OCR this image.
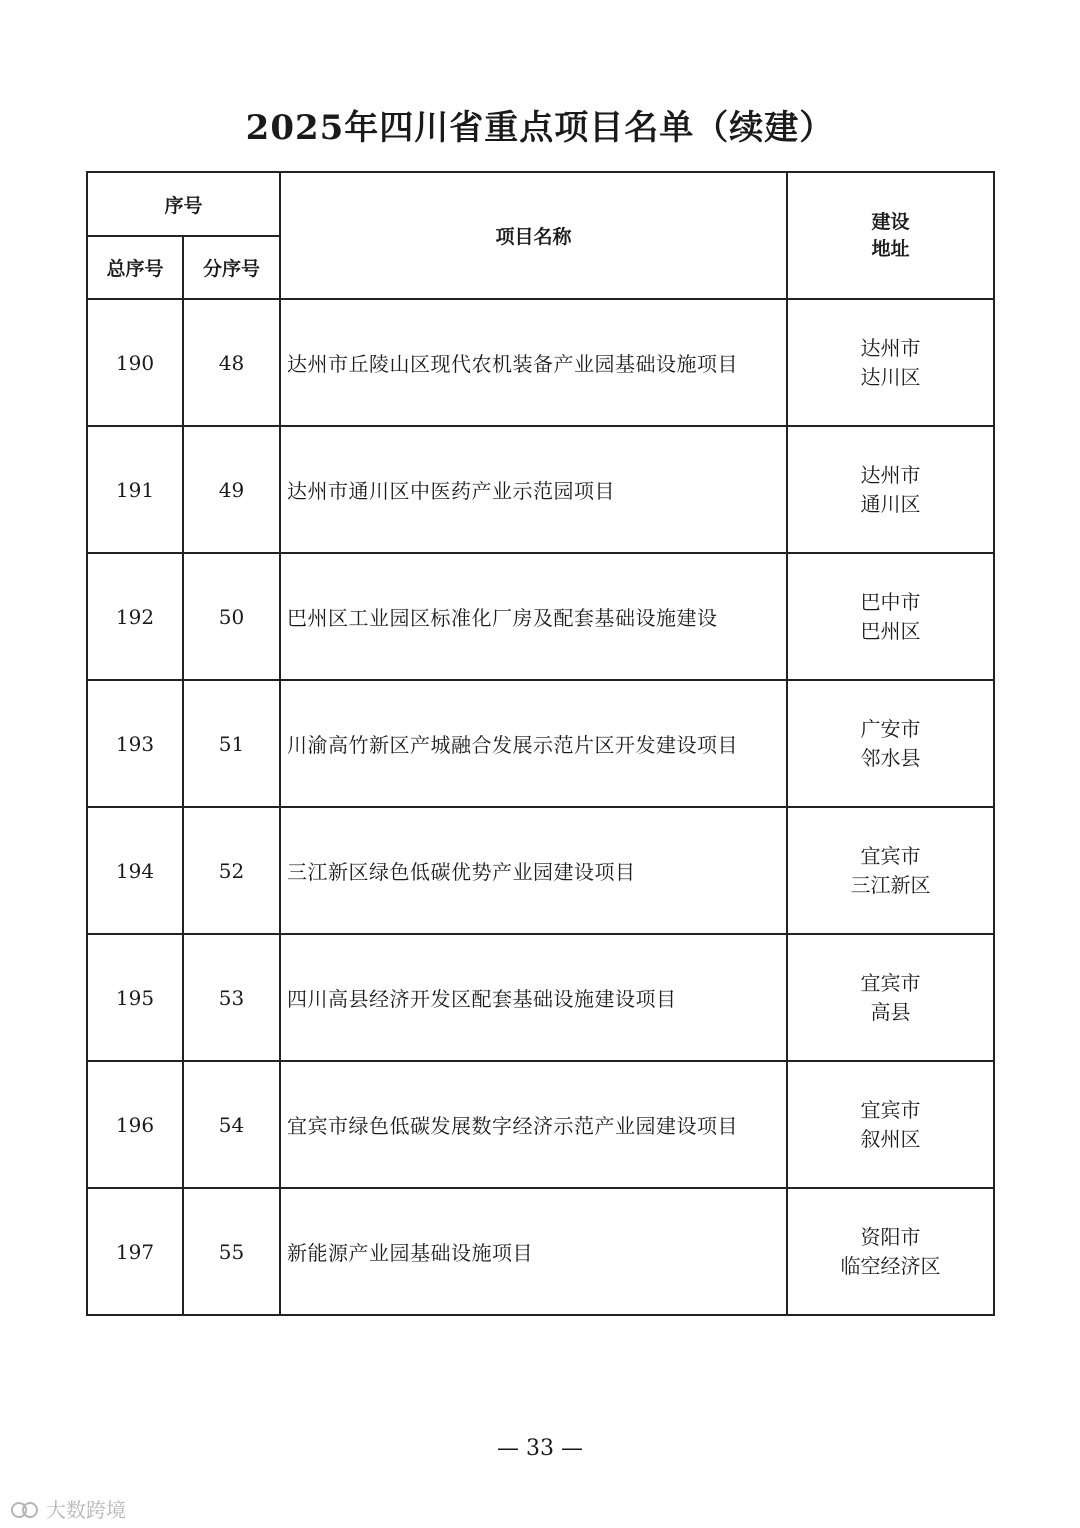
2025年四川省重点项目名单（续建）
序号		项目名称	建设
地址

总序号	分序号		
190	48	达州市丘陵山区现代农机装备产业园基础设施项目	达州市
达川区

191	49	达州市通川区中医药产业示范园项目	达州市
通川区

192	50	巴州区工业园区标准化厂房及配套基础设施建设	巴中市
巴州区

193	51	川渝高竹新区产城融合发展示范片区开发建设项目	广安市
邻水县

194	52	三江新区绿色低碳优势产业园建设项目	宜宾市
三江新区

195	53	四川高县经济开发区配套基础设施建设项目	宜宾市
高县

196	54	宜宾市绿色低碳发展数字经济示范产业园建设项目	宜宾市
叙州区

197	55	新能源产业园基础设施项目	资阳市
临空经济区
— 33 —
大数跨境
